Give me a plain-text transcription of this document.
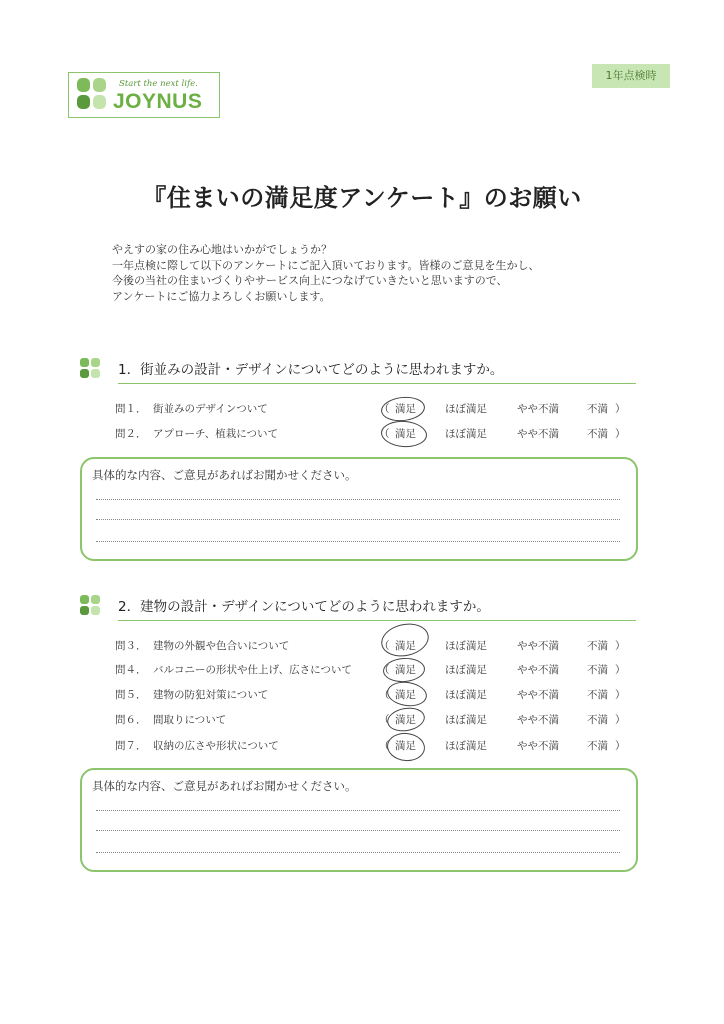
Start the next life.
JOYNUS
1年点検時
『住まいの満足度アンケート』のお願い
やえすの家の住み心地はいかがでしょうか？
一年点検に際して以下のアンケートにご記入頂いております。皆様のご意見を生かし、
今後の当社の住まいづくりやサービス向上につなげていきたいと思いますので、
アンケートにご協力よろしくお願いします。
1．街並みの設計・デザインについてどのように思われますか。
問１． 街並みのデザインついて	（ 満足	ほぼ満足	やや不満	不満 ）
問２． アプローチ、植栽について	（ 満足	ほぼ満足	やや不満	不満 ）
具体的な内容、ご意見があればお聞かせください。
2．建物の設計・デザインについてどのように思われますか。
問３． 建物の外観や色合いについて	（ 満足	ほぼ満足	やや不満	不満 ）
問４． バルコニーの形状や仕上げ、広さについて	（ 満足	ほぼ満足	やや不満	不満 ）
問５． 建物の防犯対策について	（ 満足	ほぼ満足	やや不満	不満 ）
問６． 間取りについて	（ 満足	ほぼ満足	やや不満	不満 ）
問７． 収納の広さや形状について	（ 満足	ほぼ満足	やや不満	不満 ）
具体的な内容、ご意見があればお聞かせください。
